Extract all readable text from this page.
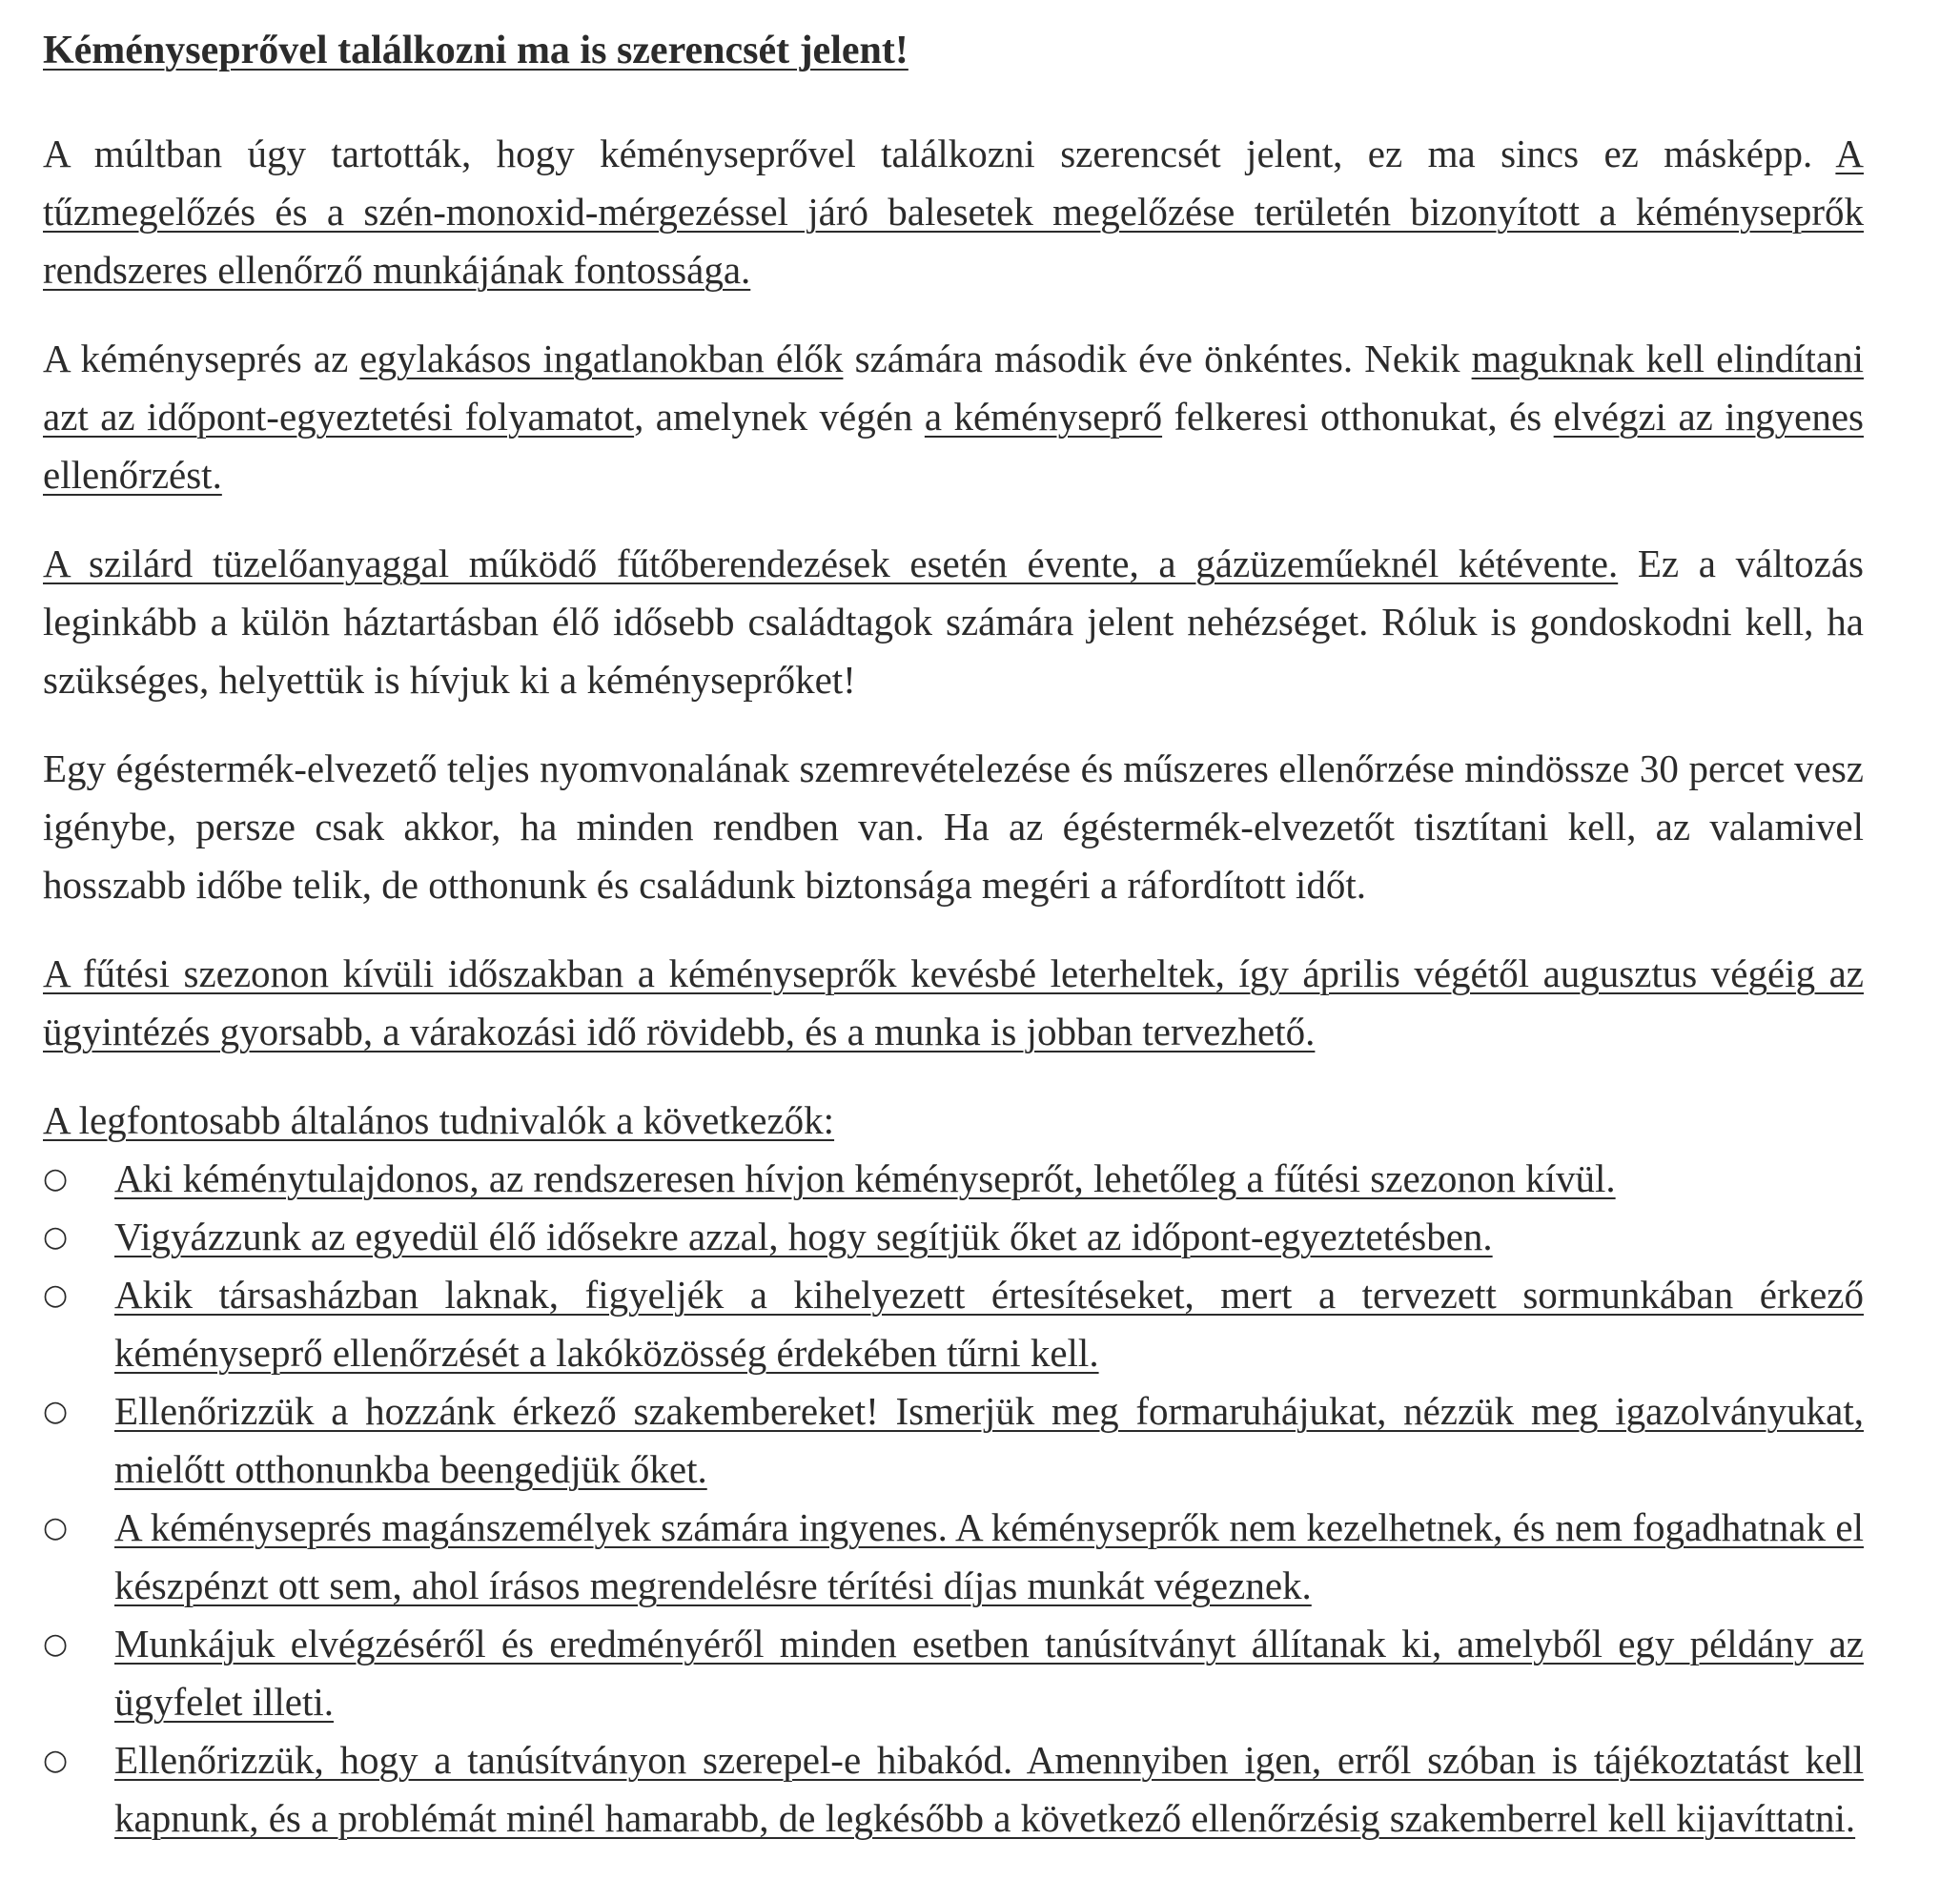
Kéményseprővel találkozni ma is szerencsét jelent!

A múltban úgy tartották, hogy kéményseprővel találkozni szerencsét jelent, ez ma sincs ez másképp. A tűzmegelőzés és a szén-monoxid-mérgezéssel járó balesetek megelőzése területén bizonyított a kéményseprők rendszeres ellenőrző munkájának fontossága.

A kéményseprés az egylakásos ingatlanokban élők számára második éve önkéntes. Nekik maguknak kell elindítani azt az időpont-egyeztetési folyamatot, amelynek végén a kéményseprő felkeresi otthonukat, és elvégzi az ingyenes ellenőrzést.

A szilárd tüzelőanyaggal működő fűtőberendezések esetén évente, a gázüzeműeknél kétévente. Ez a változás leginkább a külön háztartásban élő idősebb családtagok számára jelent nehézséget. Róluk is gondoskodni kell, ha szükséges, helyettük is hívjuk ki a kéményseprőket!

Egy égéstermék-elvezető teljes nyomvonalának szemrevételezése és műszeres ellenőrzése mindössze 30 percet vesz igénybe, persze csak akkor, ha minden rendben van. Ha az égéstermék-elvezetőt tisztítani kell, az valamivel hosszabb időbe telik, de otthonunk és családunk biztonsága megéri a ráfordított időt.

A fűtési szezonon kívüli időszakban a kéményseprők kevésbé leterheltek, így április végétől augusztus végéig az ügyintézés gyorsabb, a várakozási idő rövidebb, és a munka is jobban tervezhető.

A legfontosabb általános tudnivalók a következők:

○ Aki kéménytulajdonos, az rendszeresen hívjon kéményseprőt, lehetőleg a fűtési szezonon kívül.
○ Vigyázzunk az egyedül élő idősekre azzal, hogy segítjük őket az időpont-egyeztetésben.
○ Akik társasházban laknak, figyeljék a kihelyezett értesítéseket, mert a tervezett sormunkában érkező kéményseprő ellenőrzését a lakóközösség érdekében tűrni kell.
○ Ellenőrizzük a hozzánk érkező szakembereket! Ismerjük meg formaruhájukat, nézzük meg igazolványukat, mielőtt otthonunkba beengedjük őket.
○ A kéményseprés magánszemélyek számára ingyenes. A kéményseprők nem kezelhetnek, és nem fogadhatnak el készpénzt ott sem, ahol írásos megrendelésre térítési díjas munkát végeznek.
○ Munkájuk elvégzéséről és eredményéről minden esetben tanúsítványt állítanak ki, amelyből egy példány az ügyfelet illeti.
○ Ellenőrizzük, hogy a tanúsítványon szerepel-e hibakód. Amennyiben igen, erről szóban is tájékoztatást kell kapnunk, és a problémát minél hamarabb, de legkésőbb a következő ellenőrzésig szakemberrel kell kijavíttatni.
